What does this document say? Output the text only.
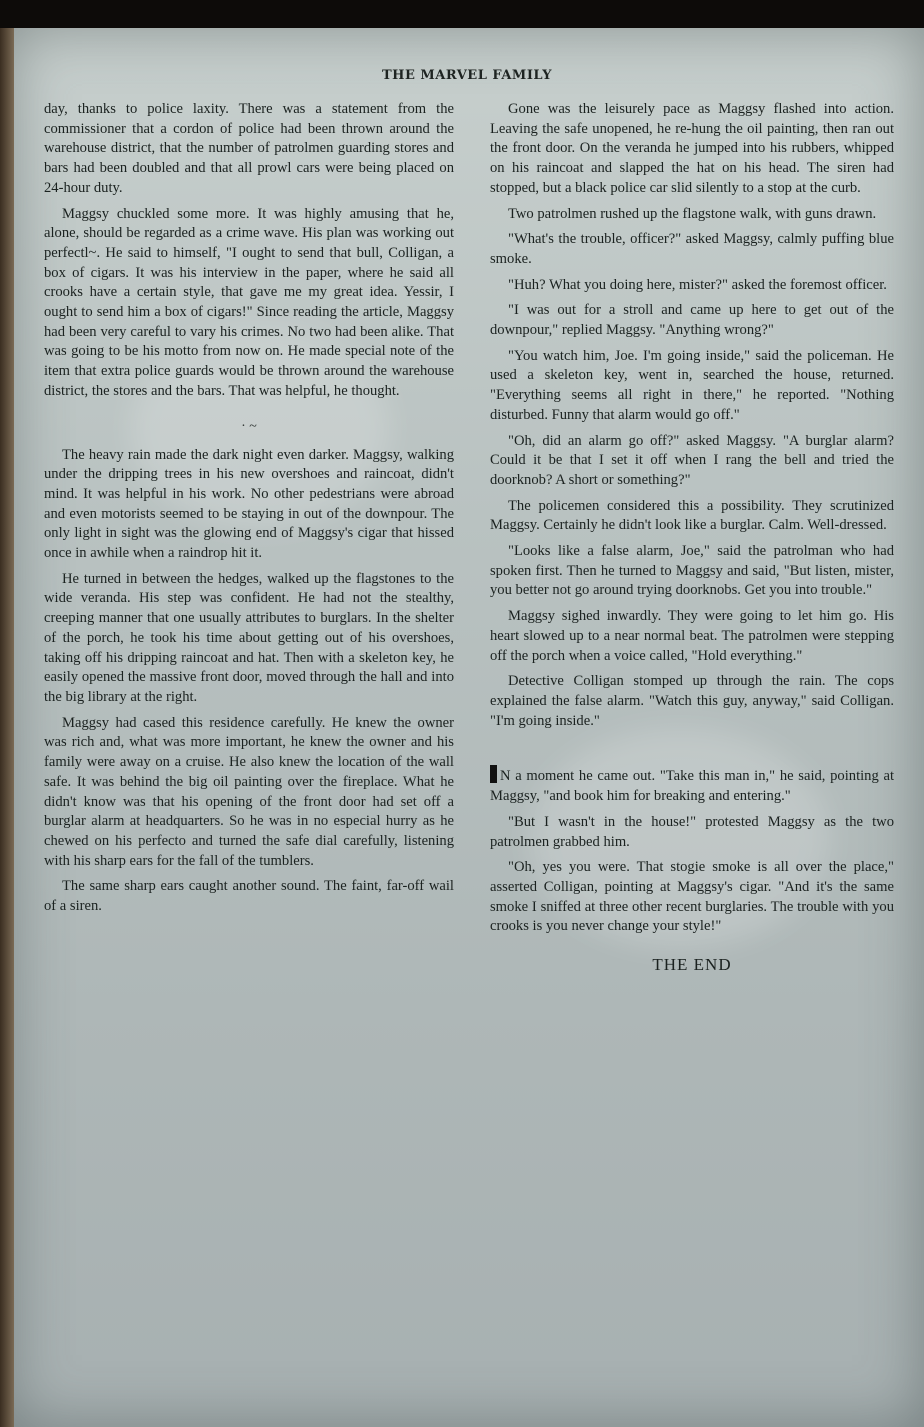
THE MARVEL FAMILY

day, thanks to police laxity. There was a statement from the commissioner that a cordon of police had been thrown around the warehouse district, that the number of patrolmen guarding stores and bars had been doubled and that all prowl cars were being placed on 24-hour duty.

Maggsy chuckled some more. It was highly amusing that he, alone, should be regarded as a crime wave. His plan was working out perfectl~. He said to himself, "I ought to send that bull, Colligan, a box of cigars. It was his interview in the paper, where he said all crooks have a certain style, that gave me my great idea. Yessir, I ought to send him a box of cigars!" Since reading the article, Maggsy had been very careful to vary his crimes. No two had been alike. That was going to be his motto from now on. He made special note of the item that extra police guards would be thrown around the warehouse district, the stores and the bars. That was helpful, he thought.

· ~

The heavy rain made the dark night even darker. Maggsy, walking under the dripping trees in his new overshoes and raincoat, didn't mind. It was helpful in his work. No other pedestrians were abroad and even motorists seemed to be staying in out of the downpour. The only light in sight was the glowing end of Maggsy's cigar that hissed once in awhile when a raindrop hit it.

He turned in between the hedges, walked up the flagstones to the wide veranda. His step was confident. He had not the stealthy, creeping manner that one usually attributes to burglars. In the shelter of the porch, he took his time about getting out of his overshoes, taking off his dripping raincoat and hat. Then with a skeleton key, he easily opened the massive front door, moved through the hall and into the big library at the right.

Maggsy had cased this residence carefully. He knew the owner was rich and, what was more important, he knew the owner and his family were away on a cruise. He also knew the location of the wall safe. It was behind the big oil painting over the fireplace. What he didn't know was that his opening of the front door had set off a burglar alarm at headquarters. So he was in no especial hurry as he chewed on his perfecto and turned the safe dial carefully, listening with his sharp ears for the fall of the tumblers.

The same sharp ears caught another sound. The faint, far-off wail of a siren.

Gone was the leisurely pace as Maggsy flashed into action. Leaving the safe unopened, he re-hung the oil painting, then ran out the front door. On the veranda he jumped into his rubbers, whipped on his raincoat and slapped the hat on his head. The siren had stopped, but a black police car slid silently to a stop at the curb.

Two patrolmen rushed up the flagstone walk, with guns drawn.

"What's the trouble, officer?" asked Maggsy, calmly puffing blue smoke.

"Huh? What you doing here, mister?" asked the foremost officer.

"I was out for a stroll and came up here to get out of the downpour," replied Maggsy. "Anything wrong?"

"You watch him, Joe. I'm going inside," said the policeman. He used a skeleton key, went in, searched the house, returned. "Everything seems all right in there," he reported. "Nothing disturbed. Funny that alarm would go off."

"Oh, did an alarm go off?" asked Maggsy. "A burglar alarm? Could it be that I set it off when I rang the bell and tried the doorknob? A short or something?"

The policemen considered this a possibility. They scrutinized Maggsy. Certainly he didn't look like a burglar. Calm. Well-dressed.

"Looks like a false alarm, Joe," said the patrolman who had spoken first. Then he turned to Maggsy and said, "But listen, mister, you better not go around trying doorknobs. Get you into trouble."

Maggsy sighed inwardly. They were going to let him go. His heart slowed up to a near normal beat. The patrolmen were stepping off the porch when a voice called, "Hold everything."

Detective Colligan stomped up through the rain. The cops explained the false alarm. "Watch this guy, anyway," said Colligan. "I'm going inside."

N a moment he came out. "Take this man in," he said, pointing at Maggsy, "and book him for breaking and entering."

"But I wasn't in the house!" protested Maggsy as the two patrolmen grabbed him.

"Oh, yes you were. That stogie smoke is all over the place," asserted Colligan, pointing at Maggsy's cigar. "And it's the same smoke I sniffed at three other recent burglaries. The trouble with you crooks is you never change your style!"

THE END
